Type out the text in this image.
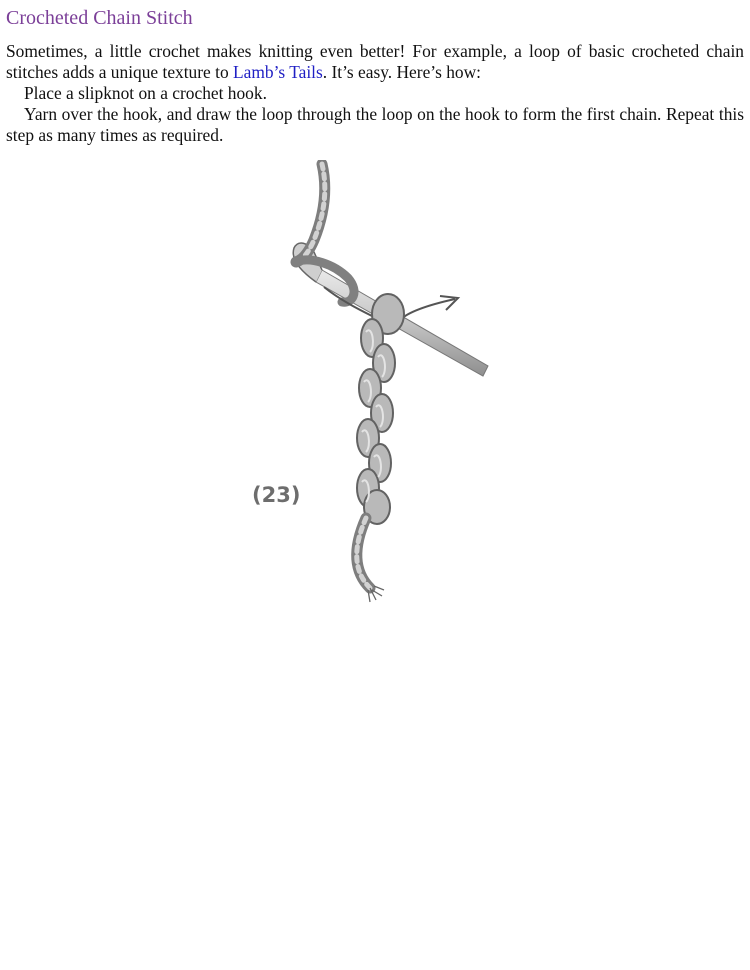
Crocheted Chain Stitch

Sometimes, a little crochet makes knitting even better! For example, a loop of basic crocheted chain stitches adds a unique texture to Lamb’s Tails. It’s easy. Here’s how:

Place a slipknot on a crochet hook.

Yarn over the hook, and draw the loop through the loop on the hook to form the first chain. Repeat this step as many times as required.

(23)
